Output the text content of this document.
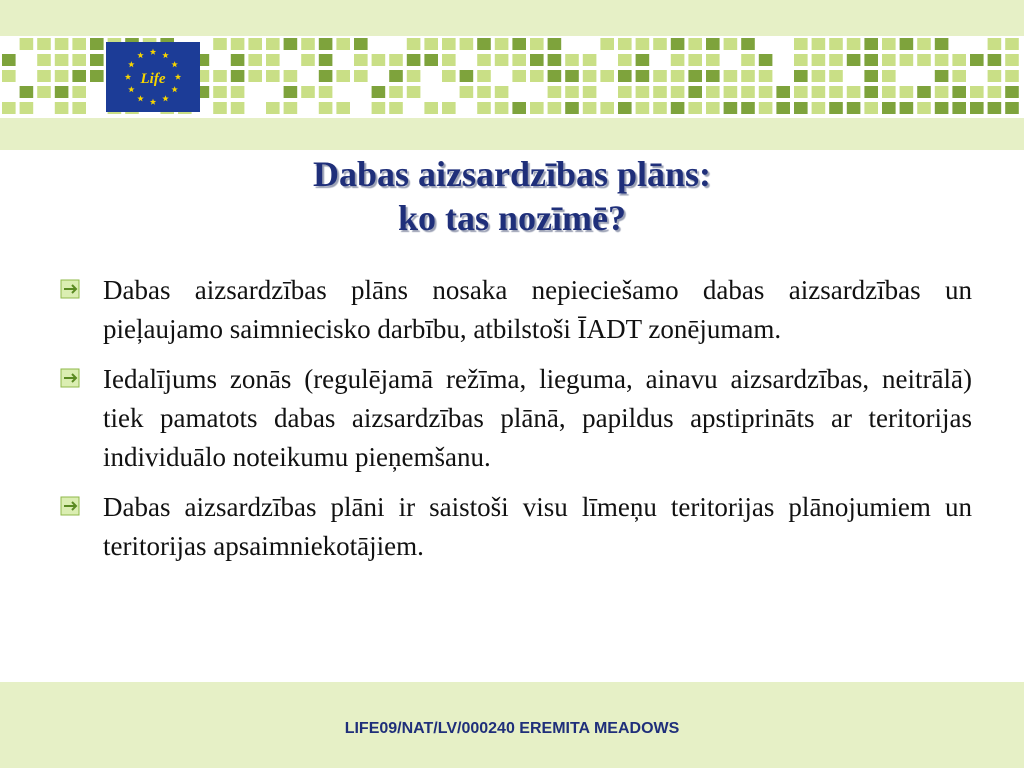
Life
Dabas aizsardzības plāns:
ko tas nozīmē?
Dabas aizsardzības plāns nosaka nepieciešamo dabas aizsardzības un pieļaujamo saimniecisko darbību, atbilstoši ĪADT zonējumam.
Iedalījums zonās (regulējamā režīma, lieguma, ainavu aizsardzības, neitrālā) tiek pamatots dabas aizsardzības plānā, papildus apstiprināts ar teritorijas individuālo noteikumu pieņemšanu.
Dabas aizsardzības plāni ir saistoši visu līmeņu teritorijas plānojumiem un teritorijas apsaimniekotājiem.
LIFE09/NAT/LV/000240 EREMITA MEADOWS
